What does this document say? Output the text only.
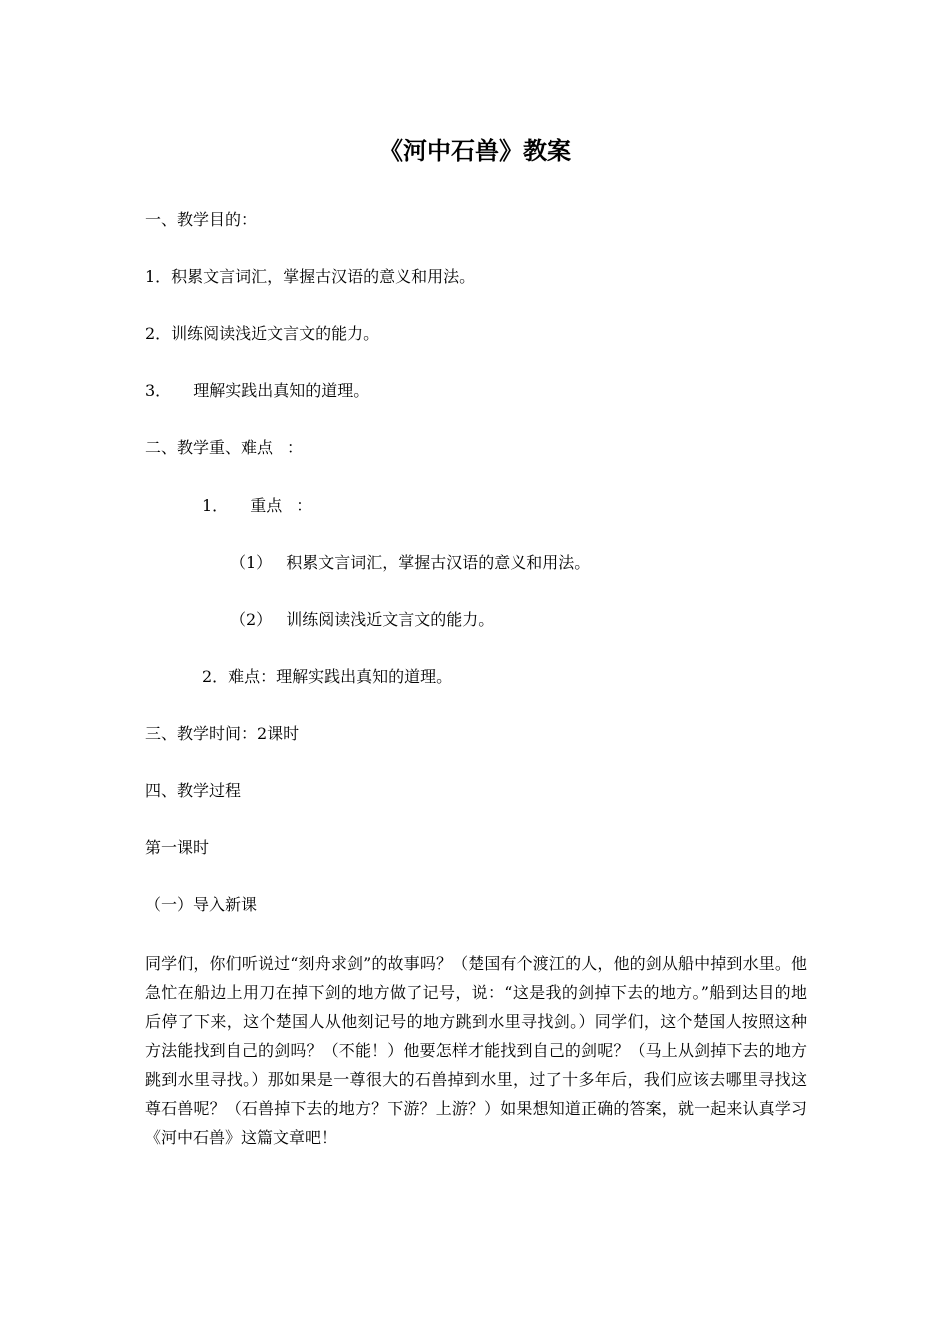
《河中石兽》教案
一、教学目的：
1．积累文言词汇，掌握古汉语的意义和用法。
2．训练阅读浅近文言文的能力。
3． 理解实践出真知的道理。
二、教学重、难点 ：
1． 重点 ：
（1） 积累文言词汇，掌握古汉语的意义和用法。
（2） 训练阅读浅近文言文的能力。
2．难点：理解实践出真知的道理。
三、教学时间：2课时
四、教学过程
第一课时
（一）导入新课
同学们，你们听说过“刻舟求剑”的故事吗？（楚国有个渡江的人，他的剑从船中掉到水里。他急忙在船边上用刀在掉下剑的地方做了记号，说：“这是我的剑掉下去的地方。”船到达目的地后停了下来，这个楚国人从他刻记号的地方跳到水里寻找剑。）同学们，这个楚国人按照这种方法能找到自己的剑吗？（不能！）他要怎样才能找到自己的剑呢？（马上从剑掉下去的地方跳到水里寻找。）那如果是一尊很大的石兽掉到水里，过了十多年后，我们应该去哪里寻找这尊石兽呢？（石兽掉下去的地方？下游？上游？）如果想知道正确的答案，就一起来认真学习《河中石兽》这篇文章吧！
